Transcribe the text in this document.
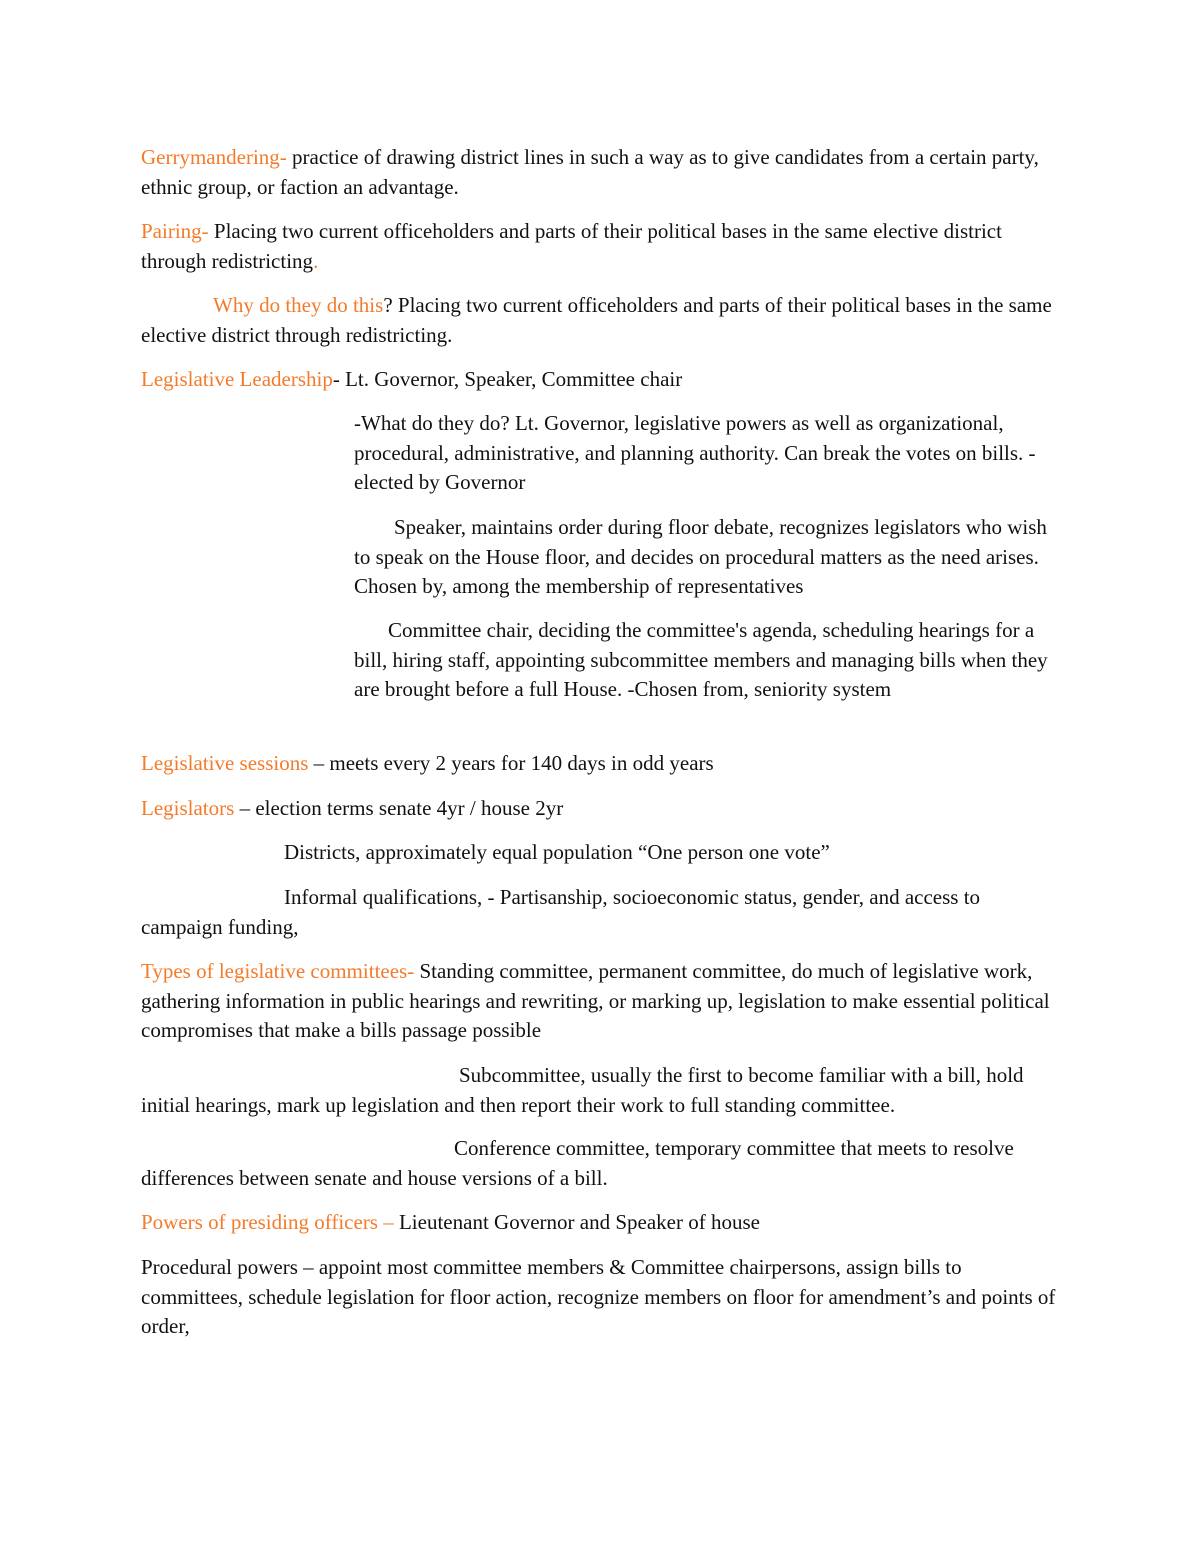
Gerrymandering- practice of drawing district lines in such a way as to give candidates from a certain party, ethnic group, or faction an advantage.

Pairing- Placing two current officeholders and parts of their political bases in the same elective district through redistricting.

Why do they do this? Placing two current officeholders and parts of their political bases in the same elective district through redistricting.

Legislative Leadership- Lt. Governor, Speaker, Committee chair

-What do they do? Lt. Governor, legislative powers as well as organizational, procedural, administrative, and planning authority. Can break the votes on bills. -elected by Governor

Speaker, maintains order during floor debate, recognizes legislators who wish to speak on the House floor, and decides on procedural matters as the need arises. Chosen by, among the membership of representatives

Committee chair, deciding the committee's agenda, scheduling hearings for a bill, hiring staff, appointing subcommittee members and managing bills when they are brought before a full House. -Chosen from, seniority system

Legislative sessions – meets every 2 years for 140 days in odd years

Legislators – election terms senate 4yr / house 2yr

Districts, approximately equal population “One person one vote”

Informal qualifications, - Partisanship, socioeconomic status, gender, and access to campaign funding,

Types of legislative committees- Standing committee, permanent committee, do much of legislative work, gathering information in public hearings and rewriting, or marking up, legislation to make essential political compromises that make a bills passage possible

Subcommittee, usually the first to become familiar with a bill, hold initial hearings, mark up legislation and then report their work to full standing committee.

Conference committee, temporary committee that meets to resolve differences between senate and house versions of a bill.

Powers of presiding officers – Lieutenant Governor and Speaker of house

Procedural powers – appoint most committee members & Committee chairpersons, assign bills to committees, schedule legislation for floor action, recognize members on floor for amendment’s and points of order,
